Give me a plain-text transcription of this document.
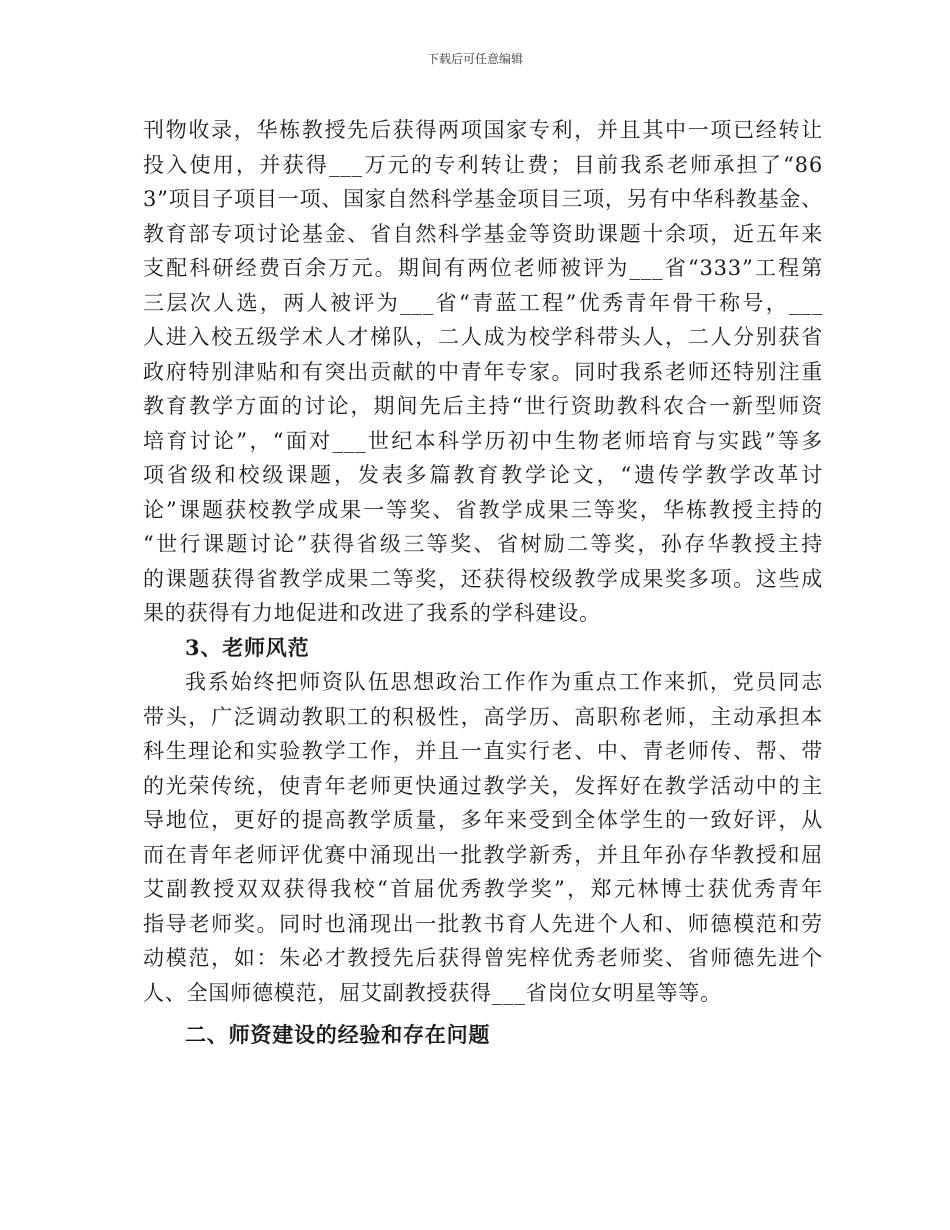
下载后可任意编辑
刊物收录，华栋教授先后获得两项国家专利，并且其中一项已经转让
投入使用，并获得___万元的专利转让费；目前我系老师承担了“86
3”项目子项目一项、国家自然科学基金项目三项，另有中华科教基金、
教育部专项讨论基金、省自然科学基金等资助课题十余项，近五年来
支配科研经费百余万元。期间有两位老师被评为___省“333”工程第
三层次人选，两人被评为___省“青蓝工程”优秀青年骨干称号，___
人进入校五级学术人才梯队，二人成为校学科带头人，二人分别获省
政府特别津贴和有突出贡献的中青年专家。同时我系老师还特别注重
教育教学方面的讨论，期间先后主持“世行资助教科农合一新型师资
培育讨论”，“面对___世纪本科学历初中生物老师培育与实践”等多
项省级和校级课题，发表多篇教育教学论文，“遗传学教学改革讨
论”课题获校教学成果一等奖、省教学成果三等奖，华栋教授主持的
“世行课题讨论”获得省级三等奖、省树励二等奖，孙存华教授主持
的课题获得省教学成果二等奖，还获得校级教学成果奖多项。这些成
果的获得有力地促进和改进了我系的学科建设。
3、老师风范
我系始终把师资队伍思想政治工作作为重点工作来抓，党员同志
带头，广泛调动教职工的积极性，高学历、高职称老师，主动承担本
科生理论和实验教学工作，并且一直实行老、中、青老师传、帮、带
的光荣传统，使青年老师更快通过教学关，发挥好在教学活动中的主
导地位，更好的提高教学质量，多年来受到全体学生的一致好评，从
而在青年老师评优赛中涌现出一批教学新秀，并且年孙存华教授和屈
艾副教授双双获得我校“首届优秀教学奖”，郑元林博士获优秀青年
指导老师奖。同时也涌现出一批教书育人先进个人和、师德模范和劳
动模范，如：朱必才教授先后获得曾宪梓优秀老师奖、省师德先进个
人、全国师德模范，屈艾副教授获得___省岗位女明星等等。
二、师资建设的经验和存在问题
